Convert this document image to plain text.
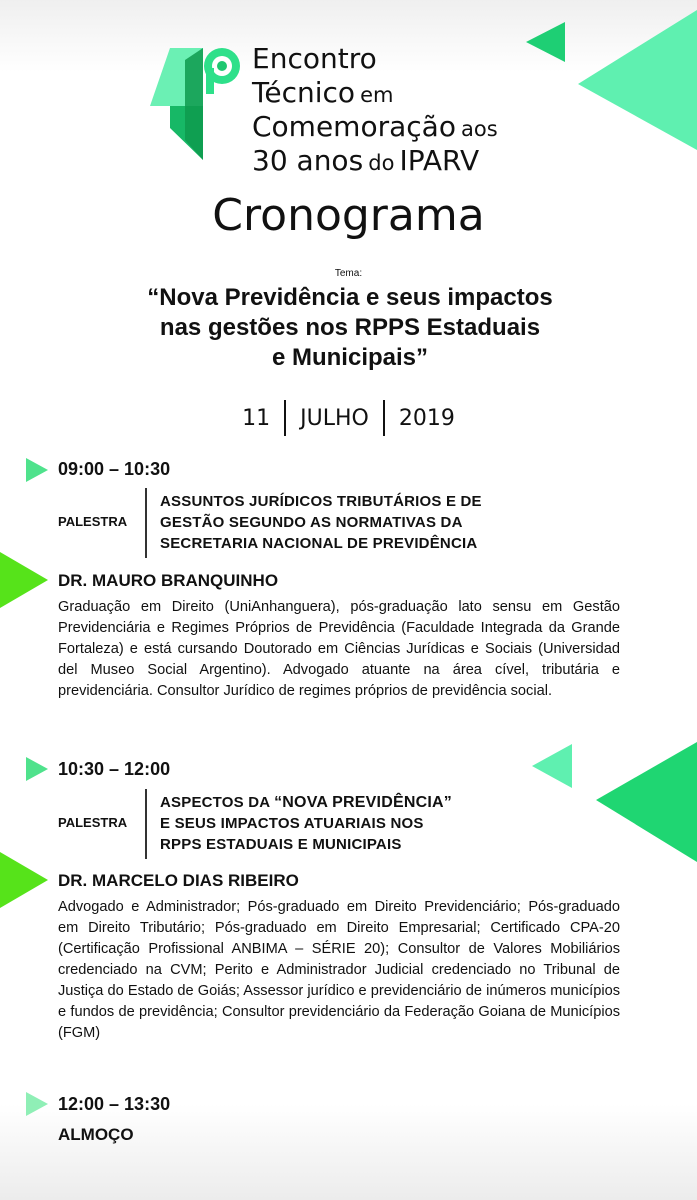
Encontro
Técnico em
Comemoração aos
30 anos do IPARV
Cronograma
Tema:
“Nova Previdência e seus impactos
nas gestões nos RPPS Estaduais
e Municipais”
11 JULHO 2019
09:00 – 10:30
PALESTRA
ASSUNTOS JURÍDICOS TRIBUTÁRIOS E DE
GESTÃO SEGUNDO AS NORMATIVAS DA
SECRETARIA NACIONAL DE PREVIDÊNCIA
DR. MAURO BRANQUINHO
Graduação em Direito (UniAnhanguera), pós-graduação lato sensu em Gestão Previdenciária e Regimes Próprios de Previdência (Faculdade Integrada da Grande Fortaleza) e está cursando Doutorado em Ciências Jurídicas e Sociais (Universidad del Museo Social Argentino). Advogado atuante na área cível, tributária e previdenciária. Consultor Jurídico de regimes próprios de previdência social.
10:30 – 12:00
PALESTRA
ASPECTOS DA “NOVA PREVIDÊNCIA”
E SEUS IMPACTOS ATUARIAIS NOS
RPPS ESTADUAIS E MUNICIPAIS
DR. MARCELO DIAS RIBEIRO
Advogado e Administrador; Pós-graduado em Direito Previdenciário; Pós-graduado em Direito Tributário; Pós-graduado em Direito Empresarial; Certificado CPA-20 (Certificação Profissional ANBIMA – SÉRIE 20); Consultor de Valores Mobiliários credenciado na CVM; Perito e Administrador Judicial credenciado no Tribunal de Justiça do Estado de Goiás; Assessor jurídico e previdenciário de inúmeros municípios e fundos de previdência; Consultor previdenciário da Federação Goiana de Municípios (FGM)
12:00 – 13:30
ALMOÇO
